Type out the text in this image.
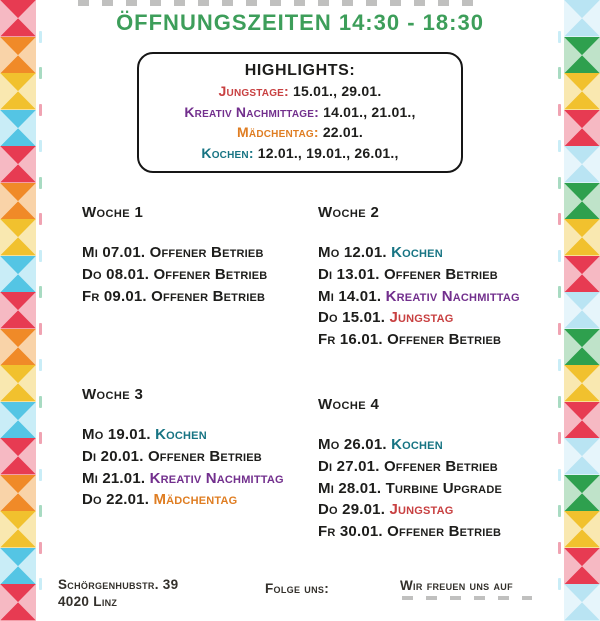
ÖFFNUNGSZEITEN 14:30 - 18:30
HIGHLIGHTS:
Jungstage: 15.01., 29.01.
Kreativ Nachmittage: 14.01., 21.01.,
Mädchentag: 22.01.
Kochen: 12.01., 19.01., 26.01.,
Woche 1
Mi 07.01. Offener Betrieb
Do 08.01. Offener Betrieb
Fr 09.01. Offener Betrieb
Woche 2
Mo 12.01. Kochen
Di 13.01. Offener Betrieb
Mi 14.01. Kreativ Nachmittag
Do 15.01. Jungstag
Fr 16.01. Offener Betrieb
Woche 3
Mo 19.01. Kochen
Di 20.01. Offener Betrieb
Mi 21.01. Kreativ Nachmittag
Do 22.01. Mädchentag
Woche 4
Mo 26.01. Kochen
Di 27.01. Offener Betrieb
Mi 28.01. Turbine Upgrade
Do 29.01. Jungstag
Fr 30.01. Offener Betrieb
Schörgenhubstr. 39
4020 Linz
Folge uns:	Wir freuen uns auf
